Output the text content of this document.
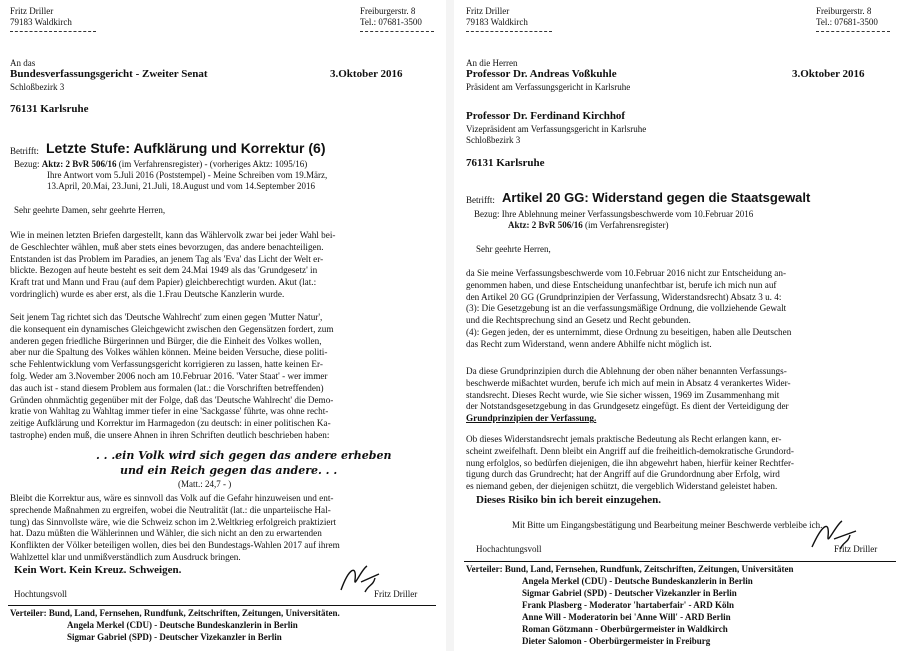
Fritz Driller
79183 Waldkirch
Freiburgerstr. 8
Tel.: 07681-3500
An das
Bundesverfassungsgericht - Zweiter Senat	3.Oktober 2016
Schloßbezirk 3
76131 Karlsruhe
Betrifft: Letzte Stufe: Aufklärung und Korrektur (6)
Bezug: Aktz: 2 BvR 506/16 (im Verfahrensregister) - (vorheriges Aktz: 1095/16)
Ihre Antwort vom 5.Juli 2016 (Poststempel) - Meine Schreiben vom 19.März,
13.April, 20.Mai, 23.Juni, 21.Juli, 18.August und vom 14.September 2016
Sehr geehrte Damen, sehr geehrte Herren,
Wie in meinen letzten Briefen dargestellt, kann das Wählervolk zwar bei jeder Wahl bei-
de Geschlechter wählen, muß aber stets eines bevorzugen, das andere benachteiligen.
Entstanden ist das Problem im Paradies, an jenem Tag als 'Eva' das Licht der Welt er-
blickte. Bezogen auf heute besteht es seit dem 24.Mai 1949 als das 'Grundgesetz' in
Kraft trat und Mann und Frau (auf dem Papier) gleichberechtigt wurden. Akut (lat.:
vordringlich) wurde es aber erst, als die 1.Frau Deutsche Kanzlerin wurde.
Seit jenem Tag richtet sich das 'Deutsche Wahlrecht' zum einen gegen 'Mutter Natur',
die konsequent ein dynamisches Gleichgewicht zwischen den Gegensätzen fordert, zum
anderen gegen friedliche Bürgerinnen und Bürger, die die Einheit des Volkes wollen,
aber nur die Spaltung des Volkes wählen können. Meine beiden Versuche, diese politi-
sche Fehlentwicklung vom Verfassungsgericht korrigieren zu lassen, hatte keinen Er-
folg. Weder am 3.November 2006 noch am 10.Februar 2016. 'Vater Staat' - wer immer
das auch ist - stand diesem Problem aus formalen (lat.: die Vorschriften betreffenden)
Gründen ohnmächtig gegenüber mit der Folge, daß das 'Deutsche Wahlrecht' die Demo-
kratie von Wahltag zu Wahltag immer tiefer in eine 'Sackgasse' führte, was ohne recht-
zeitige Aufklärung und Korrektur im Harmagedon (zu deutsch: in einer politischen Ka-
tastrophe) enden muß, die unsere Ahnen in ihren Schriften deutlich beschrieben haben:
. . .ein Volk wird sich gegen das andere erheben
und ein Reich gegen das andere. . .
(Matt.: 24,7 - )
Bleibt die Korrektur aus, wäre es sinnvoll das Volk auf die Gefahr hinzuweisen und ent-
sprechende Maßnahmen zu ergreifen, wobei die Neutralität (lat.: die unparteiische Hal-
tung) das Sinnvollste wäre, wie die Schweiz schon im 2.Weltkrieg erfolgreich praktiziert
hat. Dazu müßten die Wählerinnen und Wähler, die sich nicht an den zu erwartenden
Konflikten der Völker beteiligen wollen, dies bei den Bundestags-Wahlen 2017 auf ihrem
Wahlzettel klar und unmißverständlich zum Ausdruck bringen.
Kein Wort. Kein Kreuz. Schweigen.
Hochtungsvoll	Fritz Driller
Verteiler: Bund, Land, Fernsehen, Rundfunk, Zeitschriften, Zeitungen, Universitäten.
Angela Merkel (CDU) - Deutsche Bundeskanzlerin in Berlin
Sigmar Gabriel (SPD) - Deutscher Vizekanzler in Berlin
Fritz Driller
79183 Waldkirch
Freiburgerstr. 8
Tel.: 07681-3500
An die Herren
Professor Dr. Andreas Voßkuhle	3.Oktober 2016
Präsident am Verfassungsgericht in Karlsruhe
Professor Dr. Ferdinand Kirchhof
Vizepräsident am Verfassungsgericht in Karlsruhe
Schloßbezirk 3
76131 Karlsruhe
Betrifft: Artikel 20 GG: Widerstand gegen die Staatsgewalt
Bezug: Ihre Ablehnung meiner Verfassungsbeschwerde vom 10.Februar 2016
Aktz: 2 BvR 506/16 (im Verfahrensregister)
Sehr geehrte Herren,
da Sie meine Verfassungsbeschwerde vom 10.Februar 2016 nicht zur Entscheidung an-
genommen haben, und diese Entscheidung unanfechtbar ist, berufe ich mich nun auf
den Artikel 20 GG (Grundprinzipien der Verfassung, Widerstandsrecht) Absatz 3 u. 4:
(3): Die Gesetzgebung ist an die verfassungsmäßige Ordnung, die vollziehende Gewalt
und die Rechtsprechung sind an Gesetz und Recht gebunden.
(4): Gegen jeden, der es unternimmt, diese Ordnung zu beseitigen, haben alle Deutschen
das Recht zum Widerstand, wenn andere Abhilfe nicht möglich ist.
Da diese Grundprinzipien durch die Ablehnung der oben näher benannten Verfassungs-
beschwerde mißachtet wurden, berufe ich mich auf mein in Absatz 4 verankertes Wider-
standsrecht. Dieses Recht wurde, wie Sie sicher wissen, 1969 im Zusammenhang mit
der Notstandsgesetzgebung in das Grundgesetz eingefügt. Es dient der Verteidigung der
Grundprinzipien der Verfassung.
Ob dieses Widerstandsrecht jemals praktische Bedeutung als Recht erlangen kann, er-
scheint zweifelhaft. Denn bleibt ein Angriff auf die freiheitlich-demokratische Grundord-
nung erfolglos, so bedürfen diejenigen, die ihn abgewehrt haben, hierfür keiner Rechtfer-
tigung durch das Grundrecht; hat der Angriff auf die Grundordnung aber Erfolg, wird
es niemand geben, der diejenigen schützt, die vergeblich Widerstand geleistet haben.
Dieses Risiko bin ich bereit einzugehen.
Mit Bitte um Eingangsbestätigung und Bearbeitung meiner Beschwerde verbleibe ich.
Hochachtungsvoll	Fritz Driller
Verteiler: Bund, Land, Fernsehen, Rundfunk, Zeitschriften, Zeitungen, Universitäten
Angela Merkel (CDU) - Deutsche Bundeskanzlerin in Berlin
Sigmar Gabriel (SPD) - Deutscher Vizekanzler in Berlin
Frank Plasberg - Moderator 'hartaberfair' - ARD Köln
Anne Will - Moderatorin bei 'Anne Will' - ARD Berlin
Roman Götzmann - Oberbürgermeister in Waldkirch
Dieter Salomon - Oberbürgermeister in Freiburg
